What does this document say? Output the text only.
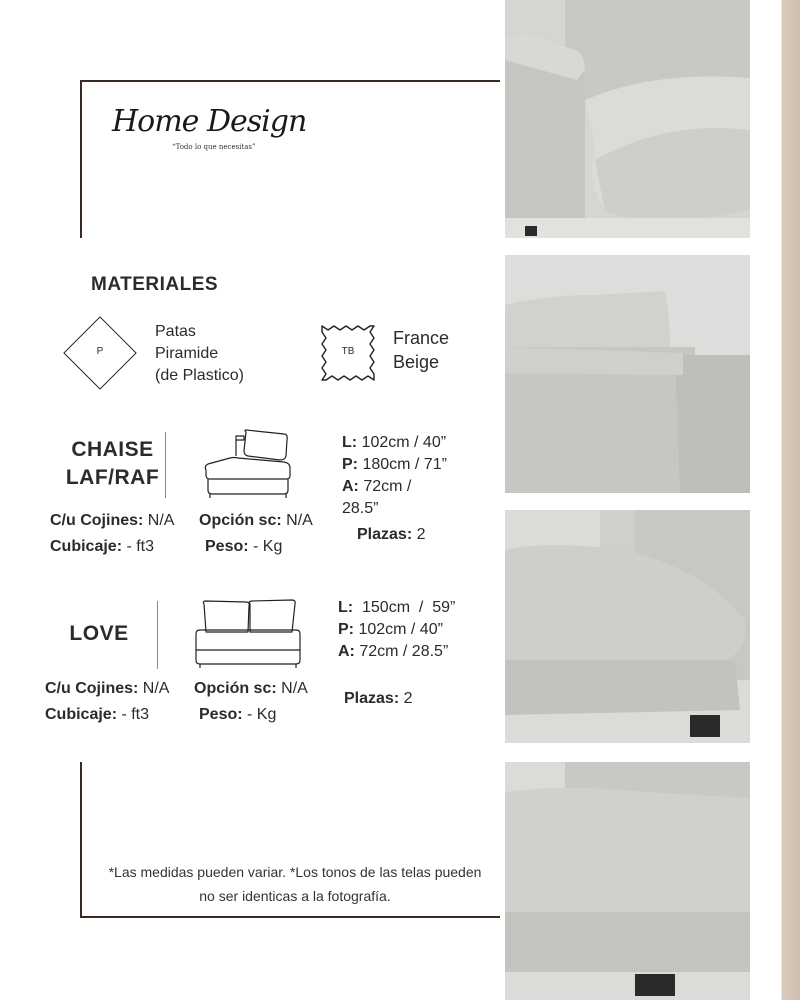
Home Design
“Todo lo que necesitas”
MATERIALES
P
Patas
Piramide
(de Plastico)
TB
France
Beige
CHAISE
LAF/RAF
L: 102cm / 40”
P: 180cm / 71”
A: 72cm /
28.5”
C/u Cojines: N/A Opción sc: N/A
Cubicaje: - ft3	Peso: - Kg
Plazas: 2
LOVE
L:  150cm  /  59”
P: 102cm / 40”
A: 72cm / 28.5”
C/u Cojines: N/A Opción sc: N/A
Cubicaje: - ft3	Peso: - Kg
Plazas: 2
*Las medidas pueden variar. *Los tonos de las telas pueden no ser identicas a la fotografía.
